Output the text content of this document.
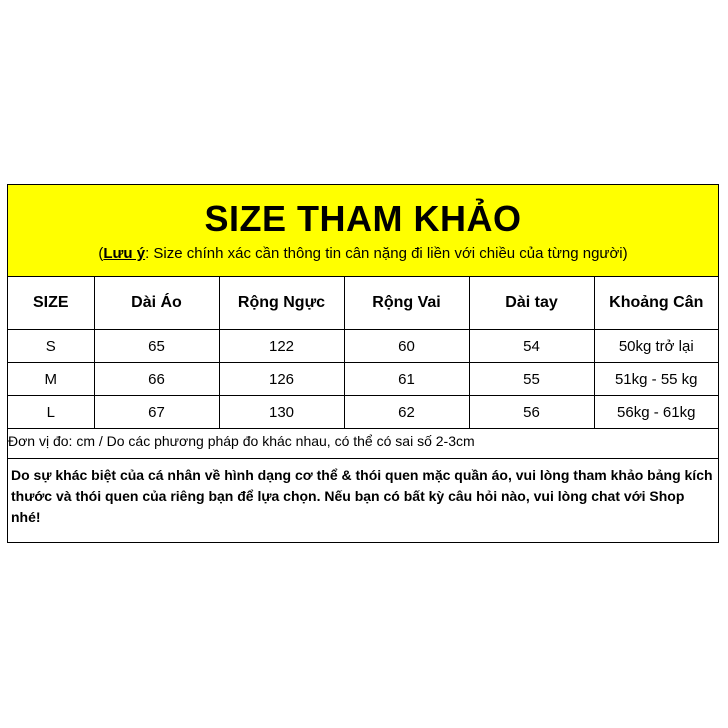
SIZE THAM KHẢO
(Lưu ý: Size chính xác cần thông tin cân nặng đi liền với chiều của từng người)
SIZE	Dài Áo	Rộng Ngực	Rộng Vai	Dài tay	Khoảng Cân
S	65	122	60	54	50kg trở lại
M	66	126	61	55	51kg - 55 kg
L	67	130	62	56	56kg - 61kg
Đơn vị đo: cm / Do các phương pháp đo khác nhau, có thể có sai số 2-3cm
Do sự khác biệt của cá nhân về hình dạng cơ thể & thói quen mặc quần áo, vui lòng tham khảo bảng kích thước và thói quen của riêng bạn để lựa chọn. Nếu bạn có bất kỳ câu hỏi nào, vui lòng chat với Shop nhé!
